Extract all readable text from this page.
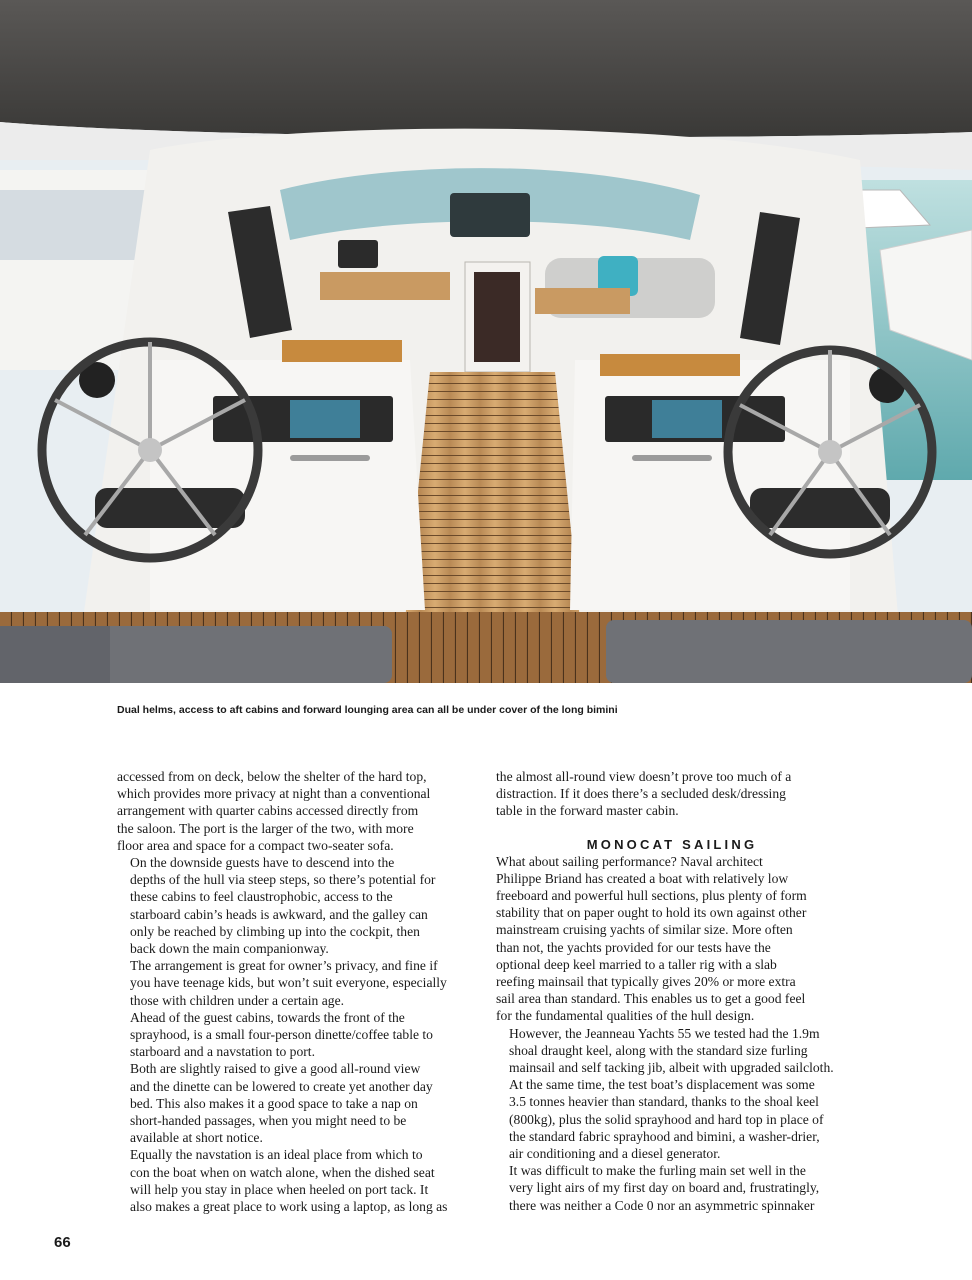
Dual helms, access to aft cabins and forward lounging area can all be under cover of the long bimini

accessed from on deck, below the shelter of the hard top,
which provides more privacy at night than a conventional
arrangement with quarter cabins accessed directly from
the saloon. The port is the larger of the two, with more
floor area and space for a compact two-seater sofa.

On the downside guests have to descend into the
depths of the hull via steep steps, so there’s potential for
these cabins to feel claustrophobic, access to the
starboard cabin’s heads is awkward, and the galley can
only be reached by climbing up into the cockpit, then
back down the main companionway.

The arrangement is great for owner’s privacy, and fine if
you have teenage kids, but won’t suit everyone, especially
those with children under a certain age.

Ahead of the guest cabins, towards the front of the
sprayhood, is a small four-person dinette/coffee table to
starboard and a navstation to port.

Both are slightly raised to give a good all-round view
and the dinette can be lowered to create yet another day
bed. This also makes it a good space to take a nap on
short-handed passages, when you might need to be
available at short notice.

Equally the navstation is an ideal place from which to
con the boat when on watch alone, when the dished seat
will help you stay in place when heeled on port tack. It
also makes a great place to work using a laptop, as long as

the almost all-round view doesn’t prove too much of a
distraction. If it does there’s a secluded desk/dressing
table in the forward master cabin.

MONOCAT SAILING

What about sailing performance? Naval architect
Philippe Briand has created a boat with relatively low
freeboard and powerful hull sections, plus plenty of form
stability that on paper ought to hold its own against other
mainstream cruising yachts of similar size. More often
than not, the yachts provided for our tests have the
optional deep keel married to a taller rig with a slab
reefing mainsail that typically gives 20% or more extra
sail area than standard. This enables us to get a good feel
for the fundamental qualities of the hull design.

However, the Jeanneau Yachts 55 we tested had the 1.9m
shoal draught keel, along with the standard size furling
mainsail and self tacking jib, albeit with upgraded sailcloth.

At the same time, the test boat’s displacement was some
3.5 tonnes heavier than standard, thanks to the shoal keel
(800kg), plus the solid sprayhood and hard top in place of
the standard fabric sprayhood and bimini, a washer-drier,
air conditioning and a diesel generator.

It was difficult to make the furling main set well in the
very light airs of my first day on board and, frustratingly,
there was neither a Code 0 nor an asymmetric spinnaker

66
